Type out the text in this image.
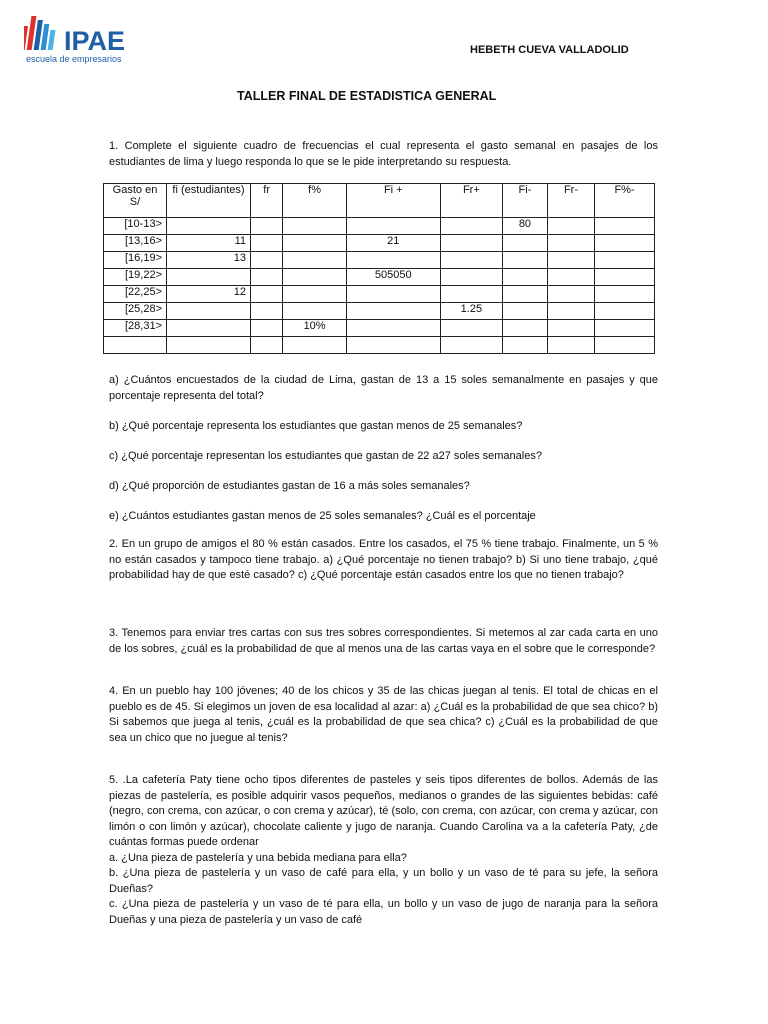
IPAE
escuela de empresarios
HEBETH CUEVA VALLADOLID
TALLER FINAL DE ESTADISTICA GENERAL
1. Complete el siguiente cuadro de frecuencias el cual representa el gasto semanal en pasajes de los estudiantes de lima y luego responda lo que se le pide interpretando su respuesta.
Gasto en S/	fi (estudiantes)	fr	f%	Fi +	Fr+	Fi-	Fr-	F%-
[10-13>						80		
[13,16>	11			21				
[16,19>	13							
[19,22>				505050				
[22,25>	12							
[25,28>					1.25			
[28,31>			10%					

a) ¿Cuántos encuestados de la ciudad de Lima, gastan de 13 a 15 soles semanalmente en pasajes y que porcentaje representa del total?
b) ¿Qué porcentaje representa los estudiantes que gastan menos de 25 semanales?
c) ¿Qué porcentaje representan los estudiantes que gastan de 22 a27 soles semanales?
d) ¿Qué proporción de estudiantes gastan de 16 a más soles semanales?
e) ¿Cuántos estudiantes gastan menos de 25 soles semanales? ¿Cuál es el porcentaje
2. En un grupo de amigos el 80 % están casados. Entre los casados, el 75 % tiene trabajo. Finalmente, un 5 % no están casados y tampoco tiene trabajo. a) ¿Qué porcentaje no tienen trabajo? b) Si uno tiene trabajo, ¿qué probabilidad hay de que esté casado? c) ¿Qué porcentaje están casados entre los que no tienen trabajo?
3. Tenemos para enviar tres cartas con sus tres sobres correspondientes. Si metemos al zar cada carta en uno de los sobres, ¿cuál es la probabilidad de que al menos una de las cartas vaya en el sobre que le corresponde?
4. En un pueblo hay 100 jóvenes; 40 de los chicos y 35 de las chicas juegan al tenis. El total de chicas en el pueblo es de 45. Si elegimos un joven de esa localidad al azar: a) ¿Cuál es la probabilidad de que sea chico? b) Si sabemos que juega al tenis, ¿cuál es la probabilidad de que sea chica? c) ¿Cuál es la probabilidad de que sea un chico que no juegue al tenis?
5. .La cafetería Paty tiene ocho tipos diferentes de pasteles y seis tipos diferentes de bollos. Además de las piezas de pastelería, es posible adquirir vasos pequeños, medianos o grandes de las siguientes bebidas: café (negro, con crema, con azúcar, o con crema y azúcar), té (solo, con crema, con azúcar, con crema y azúcar, con limón o con limón y azúcar), chocolate caliente y jugo de naranja. Cuando Carolina va a la cafetería Paty, ¿de cuántas formas puede ordenar
a. ¿Una pieza de pastelería y una bebida mediana para ella?
b. ¿Una pieza de pastelería y un vaso de café para ella, y un bollo y un vaso de té para su jefe, la señora Dueñas?
c. ¿Una pieza de pastelería y un vaso de té para ella, un bollo y un vaso de jugo de naranja para la señora Dueñas y una pieza de pastelería y un vaso de café
